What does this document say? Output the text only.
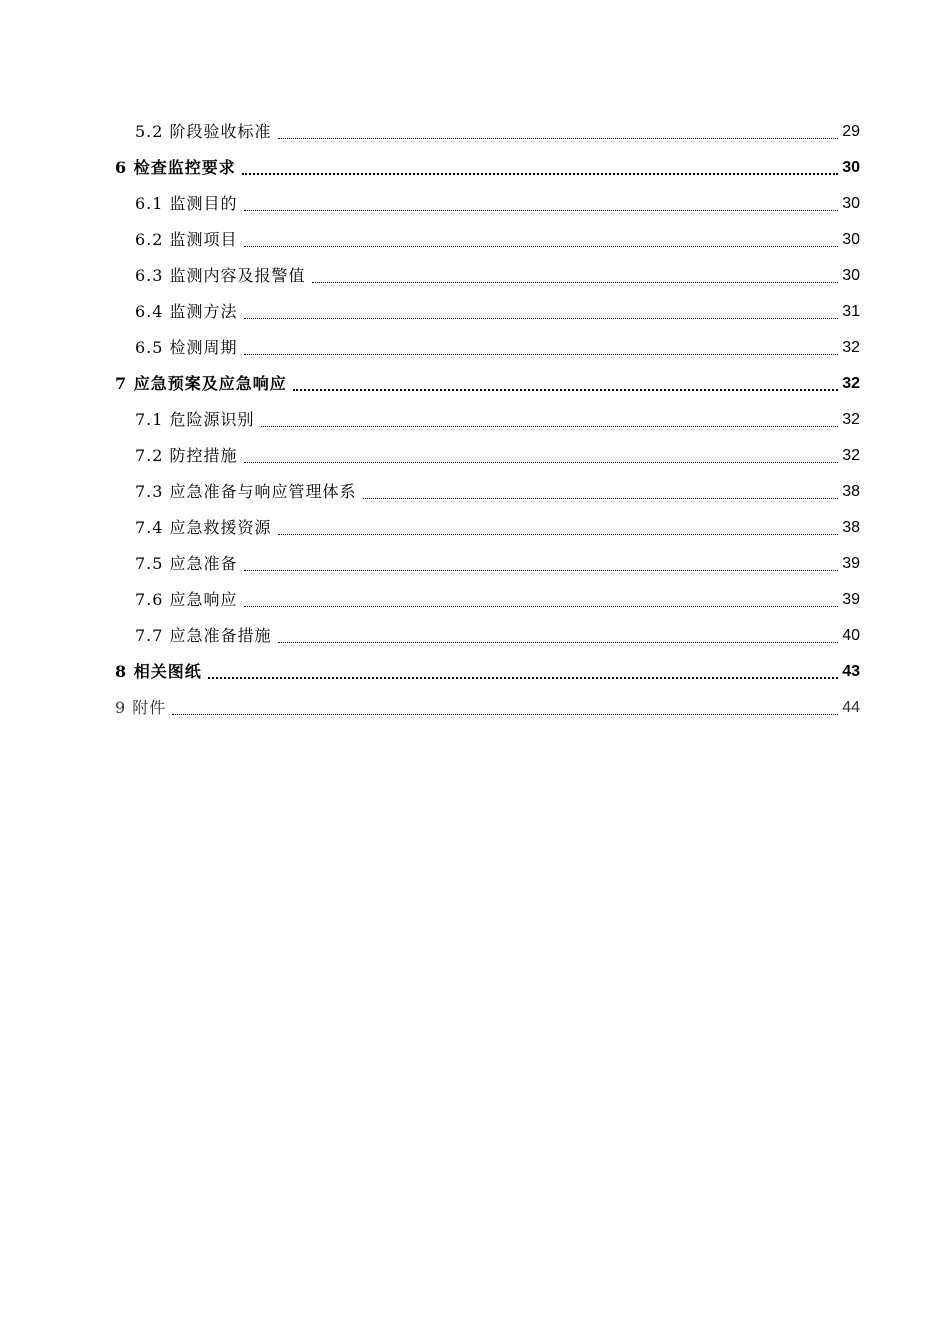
5.2 阶段验收标准	29
6 检查监控要求	30
6.1 监测目的	30
6.2 监测项目	30
6.3 监测内容及报警值	30
6.4 监测方法	31
6.5 检测周期	32
7 应急预案及应急响应	32
7.1 危险源识别	32
7.2 防控措施	32
7.3 应急准备与响应管理体系	38
7.4 应急救援资源	38
7.5 应急准备	39
7.6 应急响应	39
7.7 应急准备措施	40
8 相关图纸	43
9 附件	44
